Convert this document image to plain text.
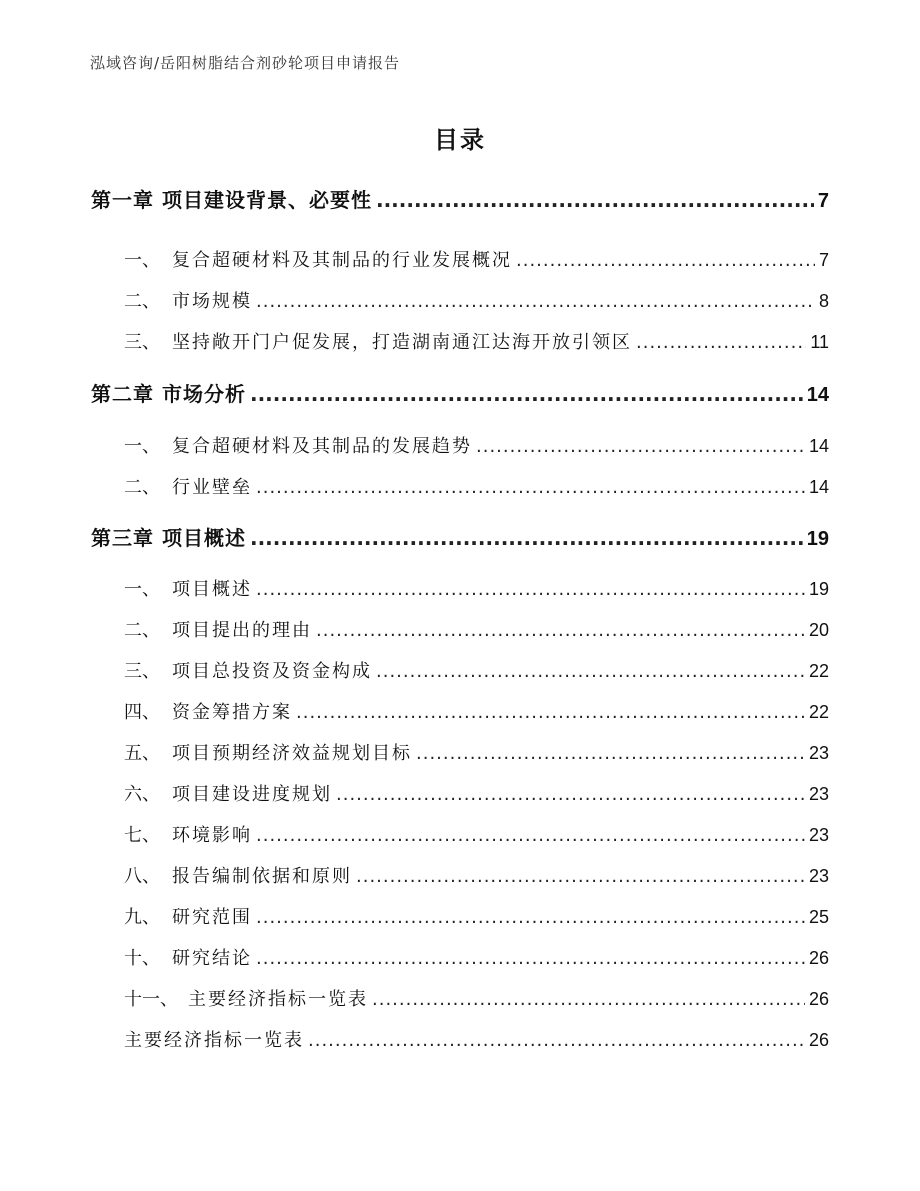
泓域咨询/岳阳树脂结合剂砂轮项目申请报告
目录
第一章 项目建设背景、必要性 .....	7
一、 复合超硬材料及其制品的行业发展概况 .....	7
二、 市场规模 .....	8
三、 坚持敞开门户促发展，打造湖南通江达海开放引领区 .....	11
第二章 市场分析 .....	14
一、 复合超硬材料及其制品的发展趋势 .....	14
二、 行业壁垒 .....	14
第三章 项目概述 .....	19
一、 项目概述 .....	19
二、 项目提出的理由 .....	20
三、 项目总投资及资金构成 .....	22
四、 资金筹措方案 .....	22
五、 项目预期经济效益规划目标 .....	23
六、 项目建设进度规划 .....	23
七、 环境影响 .....	23
八、 报告编制依据和原则 .....	23
九、 研究范围 .....	25
十、 研究结论 .....	26
十一、 主要经济指标一览表 .....	26
主要经济指标一览表 .....	26
